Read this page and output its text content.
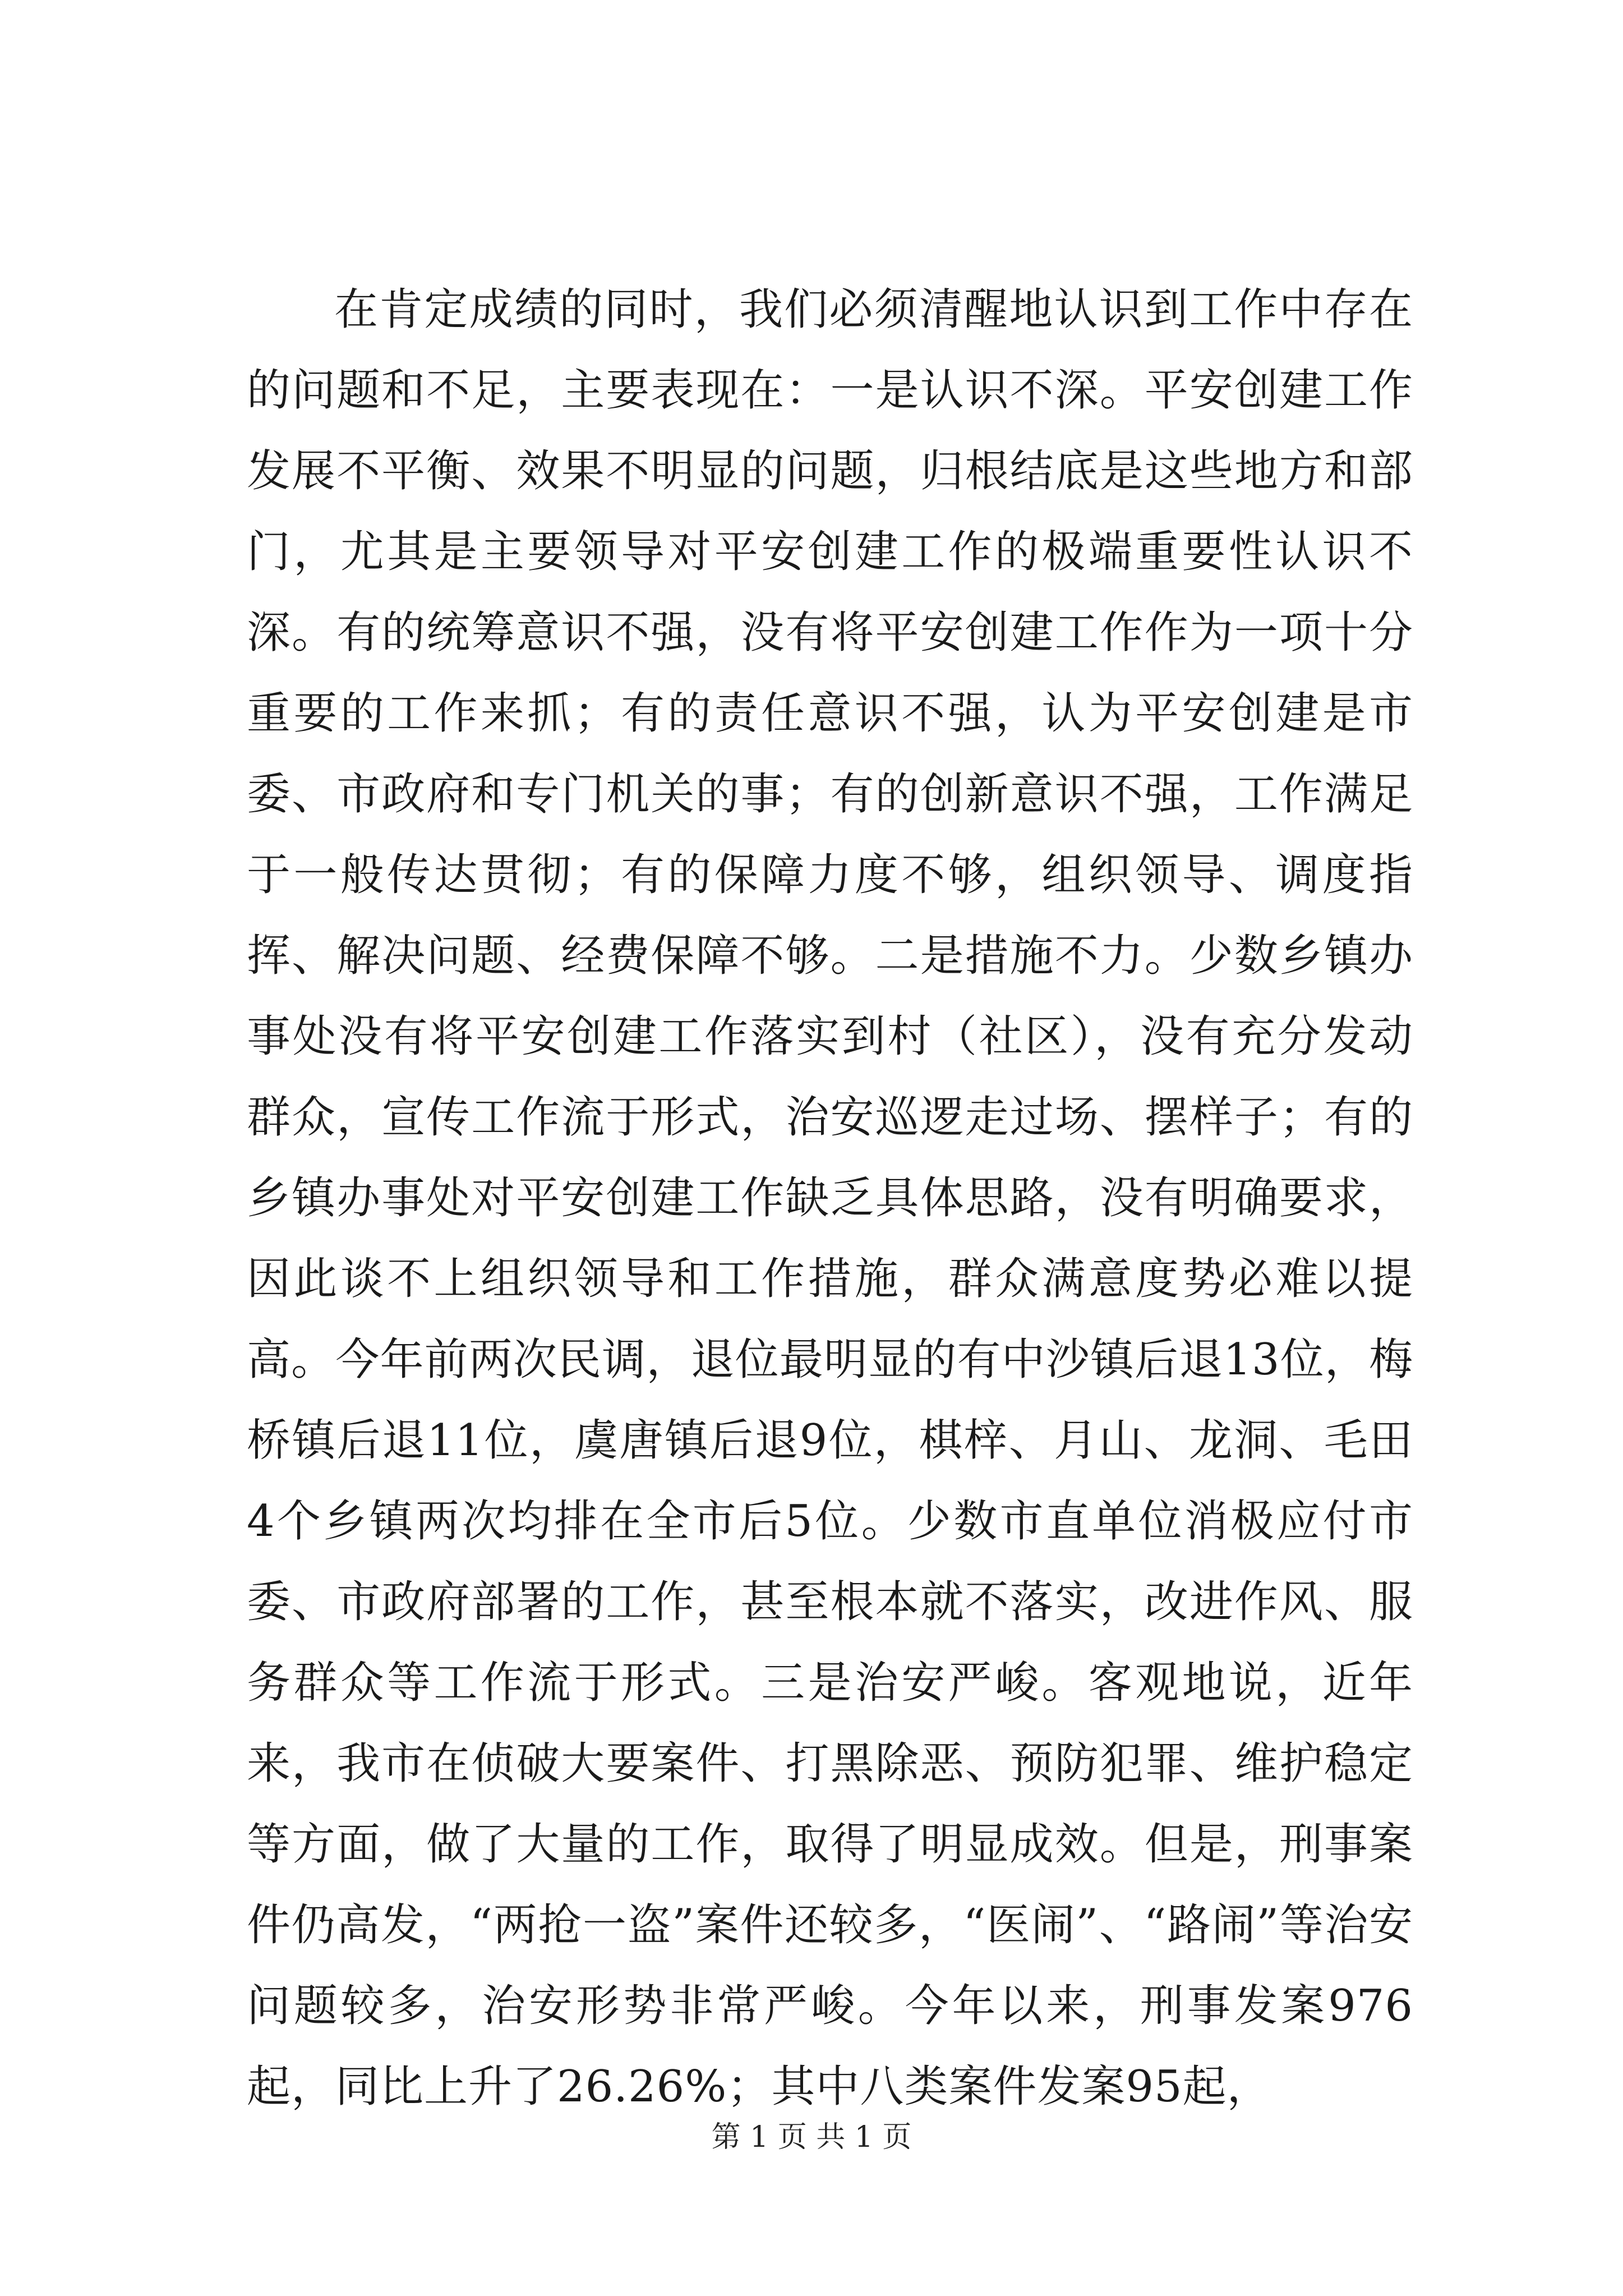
在肯定成绩的同时，我们必须清醒地认识到工作中存在的问题和不足，主要表现在：一是认识不深。平安创建工作发展不平衡、效果不明显的问题，归根结底是这些地方和部门，尤其是主要领导对平安创建工作的极端重要性认识不深。有的统筹意识不强，没有将平安创建工作作为一项十分重要的工作来抓；有的责任意识不强，认为平安创建是市委、市政府和专门机关的事；有的创新意识不强，工作满足于一般传达贯彻；有的保障力度不够，组织领导、调度指挥、解决问题、经费保障不够。二是措施不力。少数乡镇办事处没有将平安创建工作落实到村（社区），没有充分发动群众，宣传工作流于形式，治安巡逻走过场、摆样子；有的乡镇办事处对平安创建工作缺乏具体思路，没有明确要求，因此谈不上组织领导和工作措施，群众满意度势必难以提高。今年前两次民调，退位最明显的有中沙镇后退13位，梅桥镇后退11位，虞唐镇后退9位，棋梓、月山、龙洞、毛田4个乡镇两次均排在全市后5位。少数市直单位消极应付市委、市政府部署的工作，甚至根本就不落实，改进作风、服务群众等工作流于形式。三是治安严峻。客观地说，近年来，我市在侦破大要案件、打黑除恶、预防犯罪、维护稳定等方面，做了大量的工作，取得了明显成效。但是，刑事案件仍高发，“两抢一盗”案件还较多，“医闹”、“路闹”等治安问题较多，治安形势非常严峻。今年以来，刑事发案976起，同比上升了26.26%；其中八类案件发案95起，

第 1 页 共 1 页
